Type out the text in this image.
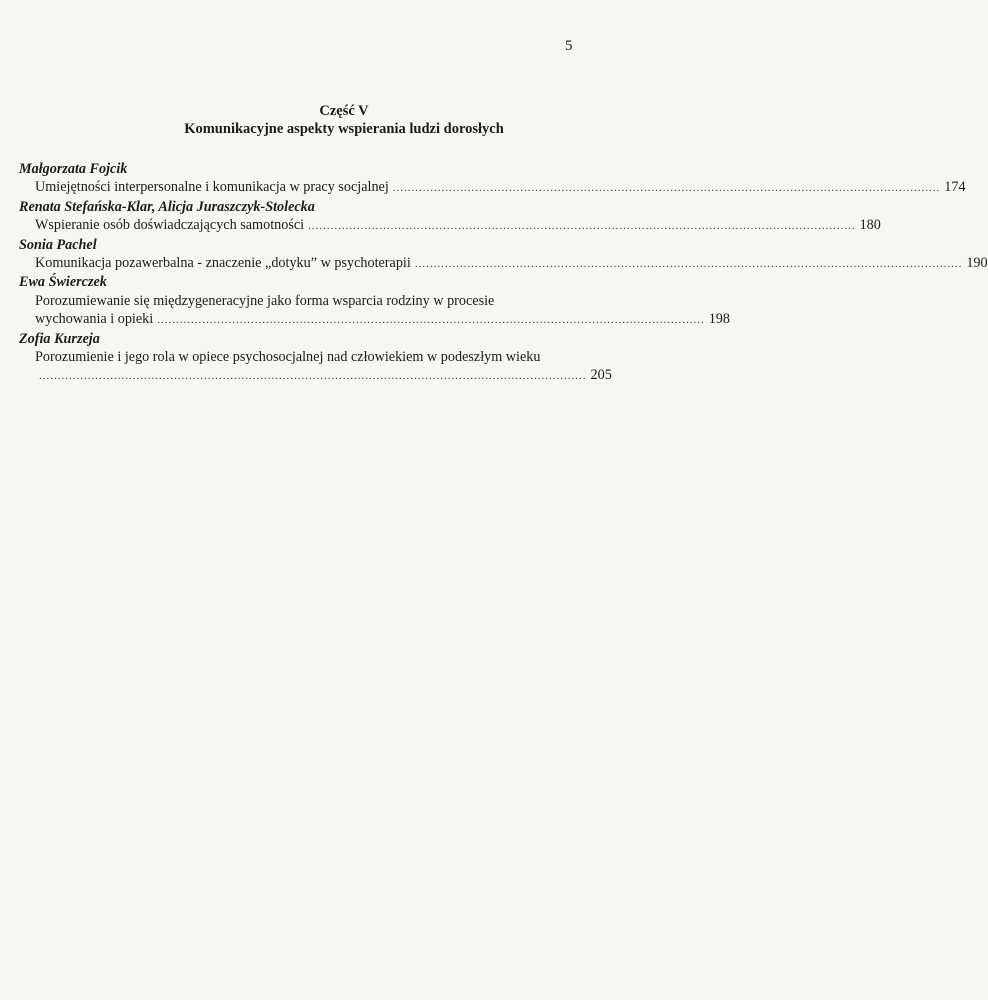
5
Część V
Komunikacyjne aspekty wspierania ludzi dorosłych
Małgorzata Fojcik
Umiejętności interpersonalne i komunikacja w pracy socjalnej .................................................................................................................................................. 174
Renata Stefańska-Klar, Alicja Juraszczyk-Stolecka
Wspieranie osób doświadczających samotności .................................................................................................................................................. 180
Sonia Pachel
Komunikacja pozawerbalna - znaczenie „dotyku” w psychoterapii .................................................................................................................................................. 190
Ewa Świerczek
Porozumiewanie się międzygeneracyjne jako forma wsparcia rodziny w procesie
wychowania i opieki .................................................................................................................................................. 198
Zofia Kurzeja
Porozumienie i jego rola w opiece psychosocjalnej nad człowiekiem w podeszłym wieku
.................................................................................................................................................. 205
